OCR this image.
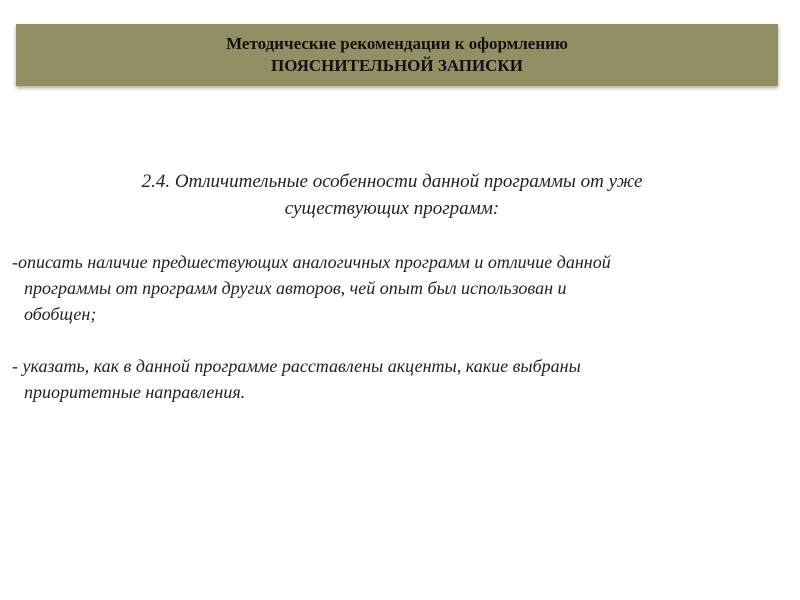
Методические рекомендации к оформлению
ПОЯСНИТЕЛЬНОЙ ЗАПИСКИ
2.4. Отличительные особенности данной программы от уже
существующих программ:
-описать наличие предшествующих аналогичных программ и отличие данной
программы от программ других авторов, чей опыт был использован и
обобщен;
- указать, как в данной программе расставлены акценты, какие выбраны
приоритетные направления.
